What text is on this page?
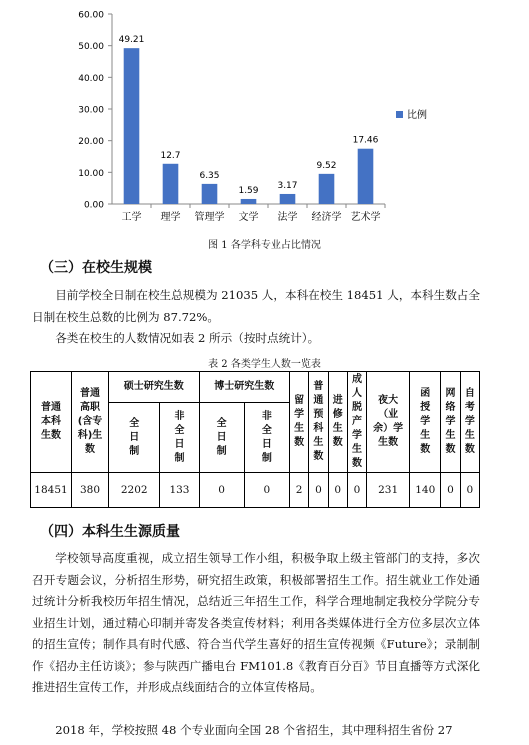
0.00
10.00
20.00
30.00
40.00
50.00
60.00
49.21
工学
12.7
理学
6.35
管理学
1.59
文学
3.17
法学
9.52
经济学
17.46
艺术学
比例
图 1 各学科专业占比情况
（三）在校生规模
目前学校全日制在校生总规模为 21035 人，本科在校生 18451 人，本科生数占全日制在校生总数的比例为 87.72%。
各类在校生的人数情况如表 2 所示（按时点统计）。
表 2 各类学生人数一览表
普通本科生数	普通高职(含专科)生数	硕士研究生数		博士研究生数		留学生数	普通预科生数	进修生数	成人脱产学生数	夜大（业余）学生数	函授学生数	网络学生数	自考学生数
		全日制	非全日制	全日制	非全日制								
18451	380	2202	133	0	0	2	0	0	0	231	140	0	0
（四）本科生生源质量
学校领导高度重视，成立招生领导工作小组，积极争取上级主管部门的支持，多次召开专题会议，分析招生形势，研究招生政策，积极部署招生工作。招生就业工作处通过统计分析我校历年招生情况，总结近三年招生工作，科学合理地制定我校分学院分专业招生计划，通过精心印制并寄发各类宣传材料；利用各类媒体进行全方位多层次立体的招生宣传；制作具有时代感、符合当代学生喜好的招生宣传视频《Future》；录制制作《招办主任访谈》；参与陕西广播电台 FM101.8《教育百分百》节目直播等方式深化推进招生宣传工作，并形成点线面结合的立体宣传格局。
2018 年，学校按照 48 个专业面向全国 28 个省招生，其中理科招生省份 27
